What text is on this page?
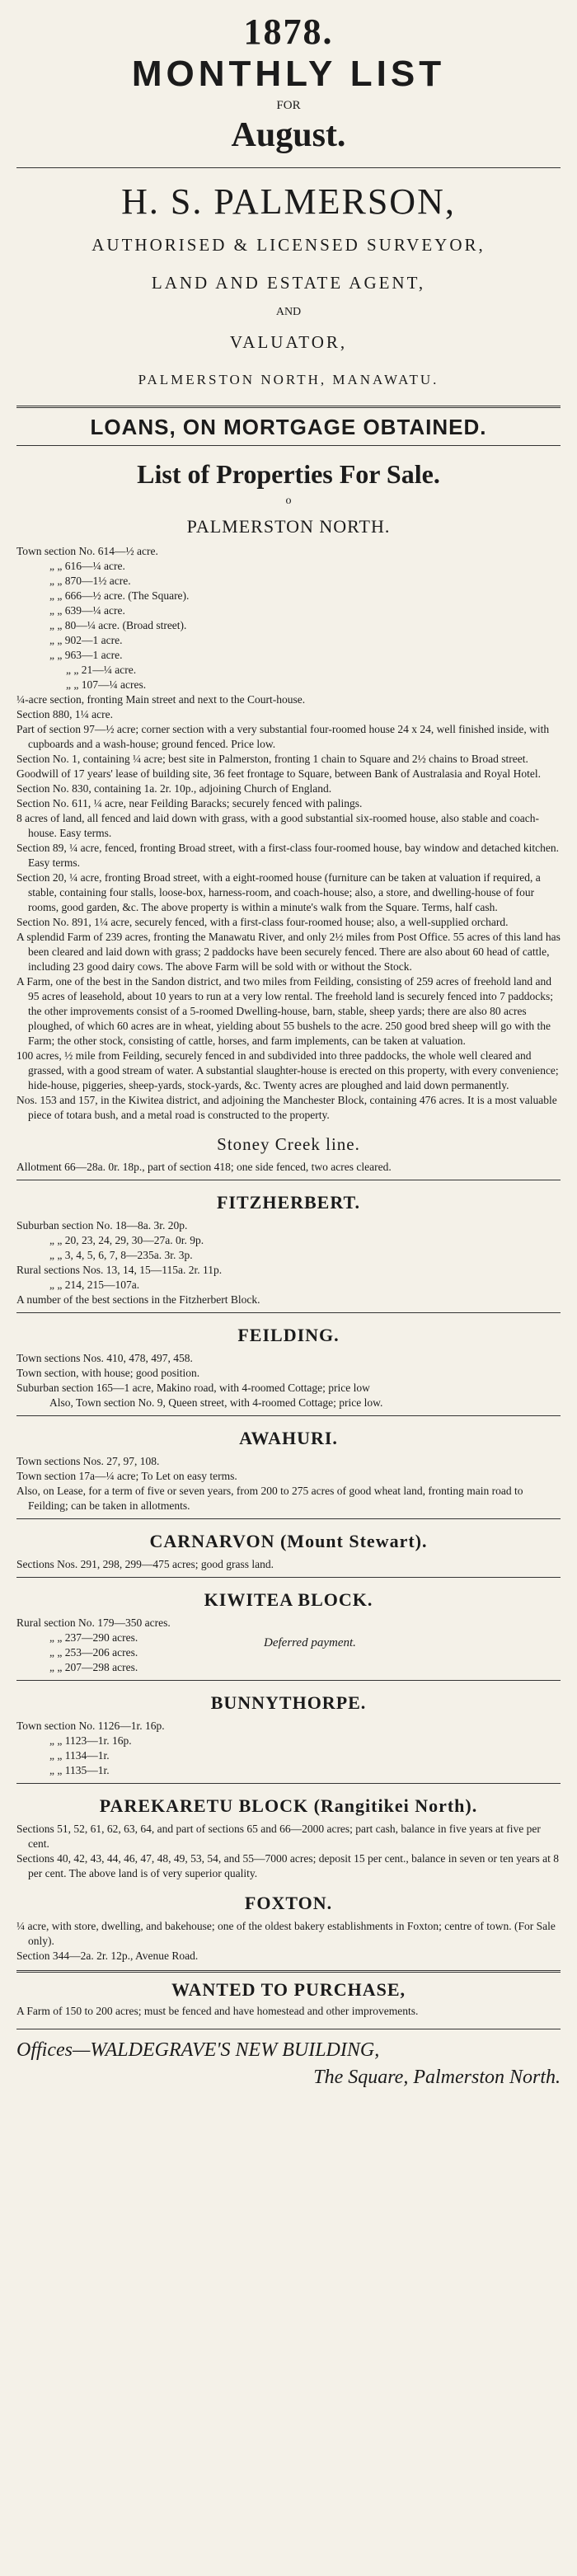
1878.
MONTHLY LIST
FOR
August.
H. S. PALMERSON,
AUTHORISED & LICENSED SURVEYOR,
LAND AND ESTATE AGENT,
AND
VALUATOR,
PALMERSTON NORTH, MANAWATU.
LOANS, ON MORTGAGE OBTAINED.
List of Properties For Sale.
o
PALMERSTON NORTH.

Town section No. 614—½ acre.

„ „ 616—¼ acre.

„ „ 870—1½ acre.

„ „ 666—½ acre. (The Square).

„ „ 639—¼ acre.

„ „ 80—¼ acre. (Broad street).

„ „ 902—1 acre.

„ „ 963—1 acre.

„ „ 21—¼ acre.

„ „ 107—¼ acres.

¼-acre section, fronting Main street and next to the Court-house.

Section 880, 1¼ acre.

Part of section 97—½ acre; corner section with a very substantial four-roomed house 24 x 24, well finished inside, with cupboards and a wash-house; ground fenced. Price low.

Section No. 1, containing ¼ acre; best site in Palmerston, fronting 1 chain to Square and 2½ chains to Broad street.

Goodwill of 17 years' lease of building site, 36 feet frontage to Square, between Bank of Australasia and Royal Hotel.

Section No. 830, containing 1a. 2r. 10p., adjoining Church of England.

Section No. 611, ¼ acre, near Feilding Baracks; securely fenced with palings.

8 acres of land, all fenced and laid down with grass, with a good substantial six-roomed house, also stable and coach-house. Easy terms.

Section 89, ¼ acre, fenced, fronting Broad street, with a first-class four-roomed house, bay window and detached kitchen. Easy terms.

Section 20, ¼ acre, fronting Broad street, with a eight-roomed house (furniture can be taken at valuation if required, a stable, containing four stalls, loose-box, harness-room, and coach-house; also, a store, and dwelling-house of four rooms, good garden, &c. The above property is within a minute's walk from the Square. Terms, half cash.

Section No. 891, 1¼ acre, securely fenced, with a first-class four-roomed house; also, a well-supplied orchard.

A splendid Farm of 239 acres, fronting the Manawatu River, and only 2½ miles from Post Office. 55 acres of this land has been cleared and laid down with grass; 2 paddocks have been securely fenced. There are also about 60 head of cattle, including 23 good dairy cows. The above Farm will be sold with or without the Stock.

A Farm, one of the best in the Sandon district, and two miles from Feilding, consisting of 259 acres of freehold land and 95 acres of leasehold, about 10 years to run at a very low rental. The freehold land is securely fenced into 7 paddocks; the other improvements consist of a 5-roomed Dwelling-house, barn, stable, sheep yards; there are also 80 acres ploughed, of which 60 acres are in wheat, yielding about 55 bushels to the acre. 250 good bred sheep will go with the Farm; the other stock, consisting of cattle, horses, and farm implements, can be taken at valuation.

100 acres, ½ mile from Feilding, securely fenced in and subdivided into three paddocks, the whole well cleared and grassed, with a good stream of water. A substantial slaughter-house is erected on this property, with every convenience; hide-house, piggeries, sheep-yards, stock-yards, &c. Twenty acres are ploughed and laid down permanently.

Nos. 153 and 157, in the Kiwitea district, and adjoining the Manchester Block, containing 476 acres. It is a most valuable piece of totara bush, and a metal road is constructed to the property.

Stoney Creek line.

Allotment 66—28a. 0r. 18p., part of section 418; one side fenced, two acres cleared.

FITZHERBERT.

Suburban section No. 18—8a. 3r. 20p.

„ „ 20, 23, 24, 29, 30—27a. 0r. 9p.

„ „ 3, 4, 5, 6, 7, 8—235a. 3r. 3p.

Rural sections Nos. 13, 14, 15—115a. 2r. 11p.

„ „ 214, 215—107a.

A number of the best sections in the Fitzherbert Block.

FEILDING.

Town sections Nos. 410, 478, 497, 458.

Town section, with house; good position.

Suburban section 165—1 acre, Makino road, with 4-roomed Cottage; price low

Also, Town section No. 9, Queen street, with 4-roomed Cottage; price low.

AWAHURI.

Town sections Nos. 27, 97, 108.

Town section 17a—¼ acre; To Let on easy terms.

Also, on Lease, for a term of five or seven years, from 200 to 275 acres of good wheat land, fronting main road to Feilding; can be taken in allotments.

CARNARVON (Mount Stewart).

Sections Nos. 291, 298, 299—475 acres; good grass land.

KIWITEA BLOCK.

Rural section No. 179—350 acres.

„ „ 237—290 acres.

„ „ 253—206 acres.

„ „ 207—298 acres.

Deferred payment.
BUNNYTHORPE.

Town section No. 1126—1r. 16p.

„ „ 1123—1r. 16p.

„ „ 1134—1r.

„ „ 1135—1r.

PAREKARETU BLOCK (Rangitikei North).

Sections 51, 52, 61, 62, 63, 64, and part of sections 65 and 66—2000 acres; part cash, balance in five years at five per cent.

Sections 40, 42, 43, 44, 46, 47, 48, 49, 53, 54, and 55—7000 acres; deposit 15 per cent., balance in seven or ten years at 8 per cent. The above land is of very superior quality.

FOXTON.

¼ acre, with store, dwelling, and bakehouse; one of the oldest bakery establishments in Foxton; centre of town. (For Sale only).

Section 344—2a. 2r. 12p., Avenue Road.

WANTED TO PURCHASE,

A Farm of 150 to 200 acres; must be fenced and have homestead and other improvements.

Offices—WALDEGRAVE'S NEW BUILDING,
The Square, Palmerston North.
